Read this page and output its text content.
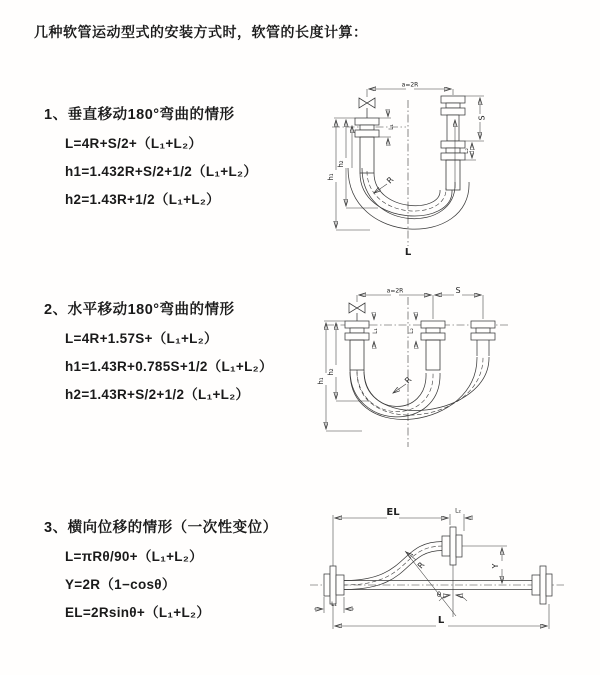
几种软管运动型式的安装方式时，软管的长度计算：
1、垂直移动180°弯曲的情形
L=4R+S/2+（L₁+L₂）
h1=1.432R+S/2+1/2（L₁+L₂）
h2=1.43R+1/2（L₁+L₂）
2、水平移动180°弯曲的情形
L=4R+1.57S+（L₁+L₂）
h1=1.43R+0.785S+1/2（L₁+L₂）
h2=1.43R+S/2+1/2（L₁+L₂）
3、横向位移的情形（一次性变位）
L=πRθ/90+（L₁+L₂）
Y=2R（1−cosθ）
EL=2Rsinθ+（L₁+L₂）
a=2R
h₁
h₂
L₁
S
L₂
R
L
a=2R	S
h₁
h₂
L₁	L₂
R
EL	L₂
Y
R
θ
L
L₁
